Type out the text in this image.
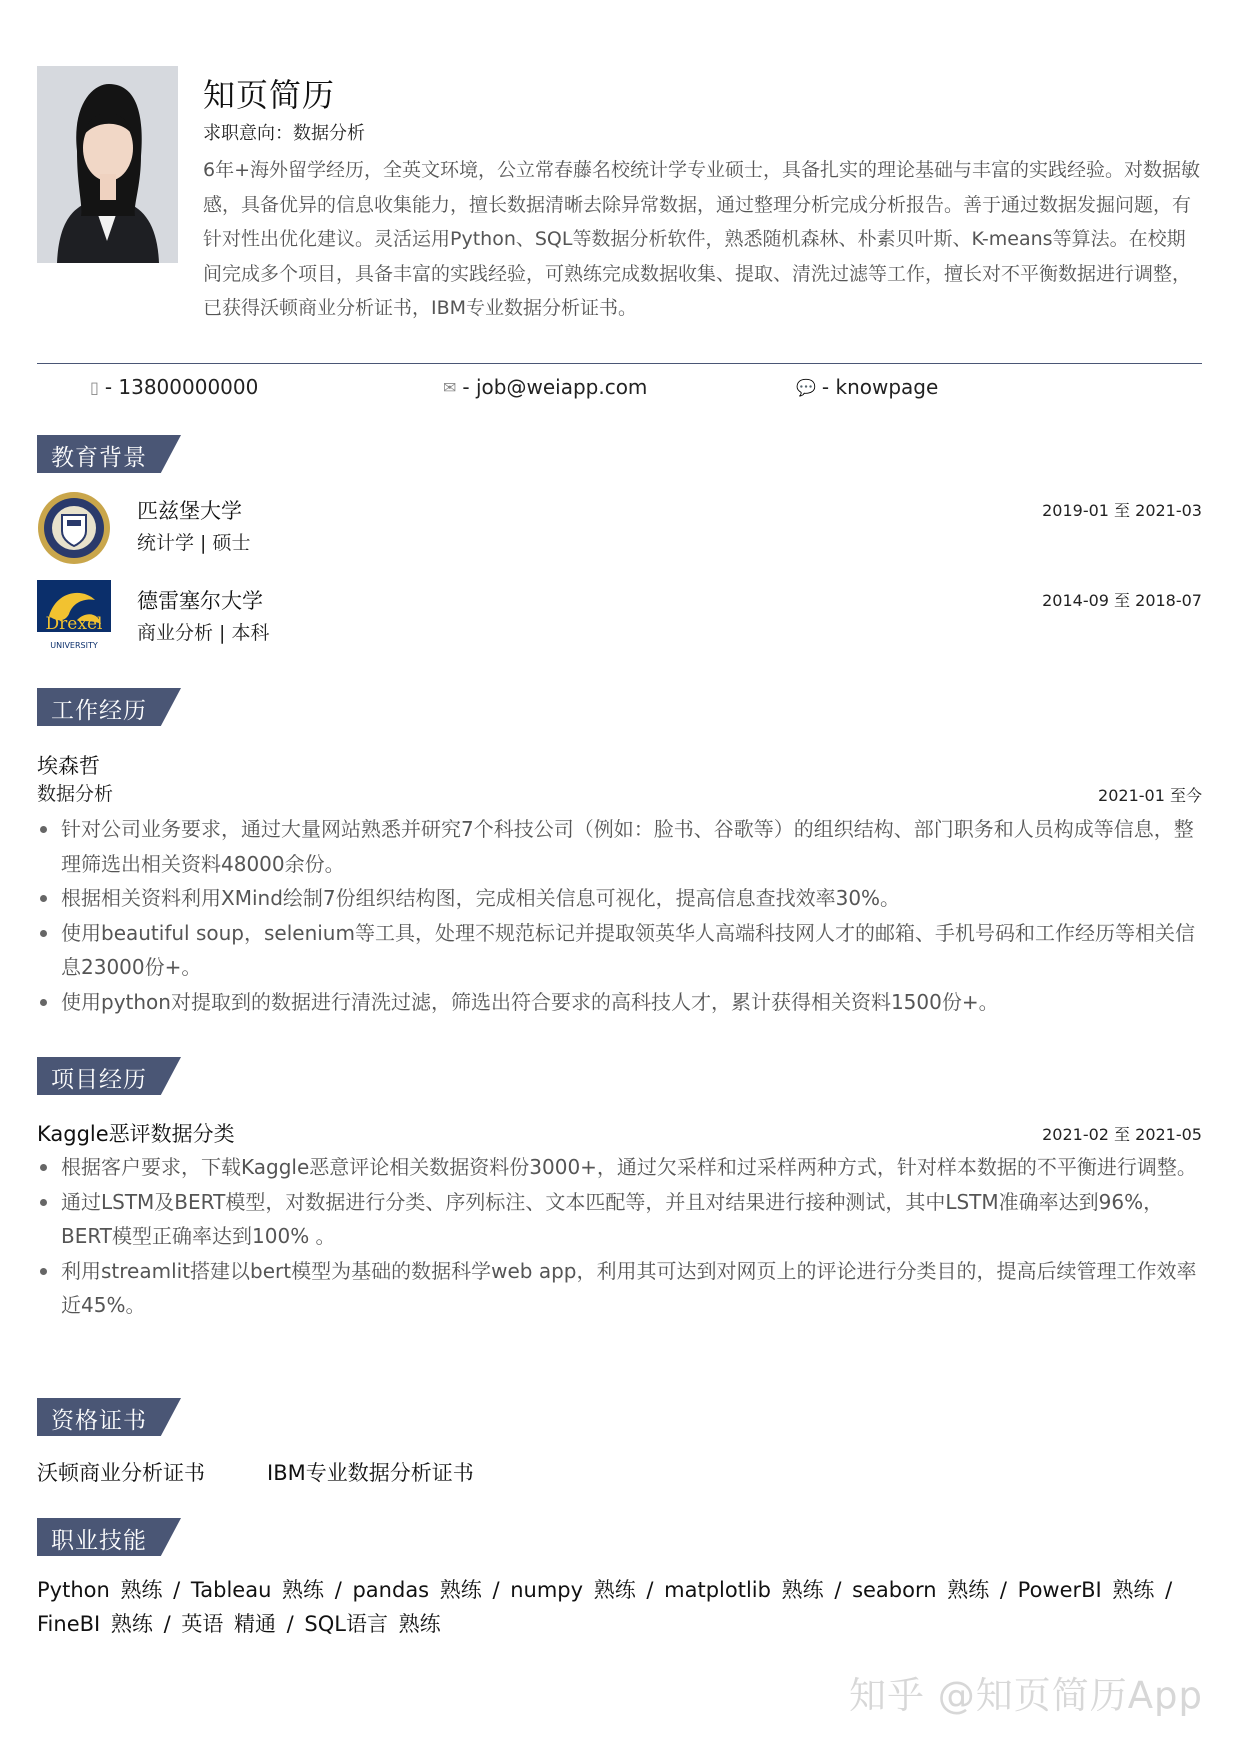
知页简历
求职意向：数据分析
6年+海外留学经历，全英文环境，公立常春藤名校统计学专业硕士，具备扎实的理论基础与丰富的实践经验。对数据敏感，具备优异的信息收集能力，擅长数据清晰去除异常数据，通过整理分析完成分析报告。善于通过数据发掘问题，有针对性出优化建议。灵活运用Python、SQL等数据分析软件，熟悉随机森林、朴素贝叶斯、K-means等算法。在校期间完成多个项目，具备丰富的实践经验，可熟练完成数据收集、提取、清洗过滤等工作，擅长对不平衡数据进行调整，已获得沃顿商业分析证书，IBM专业数据分析证书。
▯ - 13800000000	✉ - job@weiapp.com	💬 - knowpage
教育背景
匹兹堡大学
统计学 | 硕士
2019-01 至 2021-03
Drexel
UNIVERSITY
德雷塞尔大学
商业分析 | 本科
2014-09 至 2018-07
工作经历
埃森哲
数据分析	2021-01 至今
针对公司业务要求，通过大量网站熟悉并研究7个科技公司（例如：脸书、谷歌等）的组织结构、部门职务和人员构成等信息，整理筛选出相关资料48000余份。
根据相关资料利用XMind绘制7份组织结构图，完成相关信息可视化，提高信息查找效率30%。
使用beautiful soup，selenium等工具，处理不规范标记并提取领英华人高端科技网人才的邮箱、手机号码和工作经历等相关信息23000份+。
使用python对提取到的数据进行清洗过滤，筛选出符合要求的高科技人才，累计获得相关资料1500份+。
项目经历
Kaggle恶评数据分类	2021-02 至 2021-05
根据客户要求，下载Kaggle恶意评论相关数据资料份3000+，通过欠采样和过采样两种方式，针对样本数据的不平衡进行调整。
通过LSTM及BERT模型，对数据进行分类、序列标注、文本匹配等，并且对结果进行接种测试，其中LSTM准确率达到96%，BERT模型正确率达到100% 。
利用streamlit搭建以bert模型为基础的数据科学web app，利用其可达到对网页上的评论进行分类目的，提高后续管理工作效率近45%。
资格证书
沃顿商业分析证书	IBM专业数据分析证书
职业技能
Python 熟练 / Tableau 熟练 / pandas 熟练 / numpy 熟练 / matplotlib 熟练 / seaborn 熟练 / PowerBI 熟练 / FineBI 熟练 / 英语 精通 / SQL语言 熟练
知乎 @知页简历App
